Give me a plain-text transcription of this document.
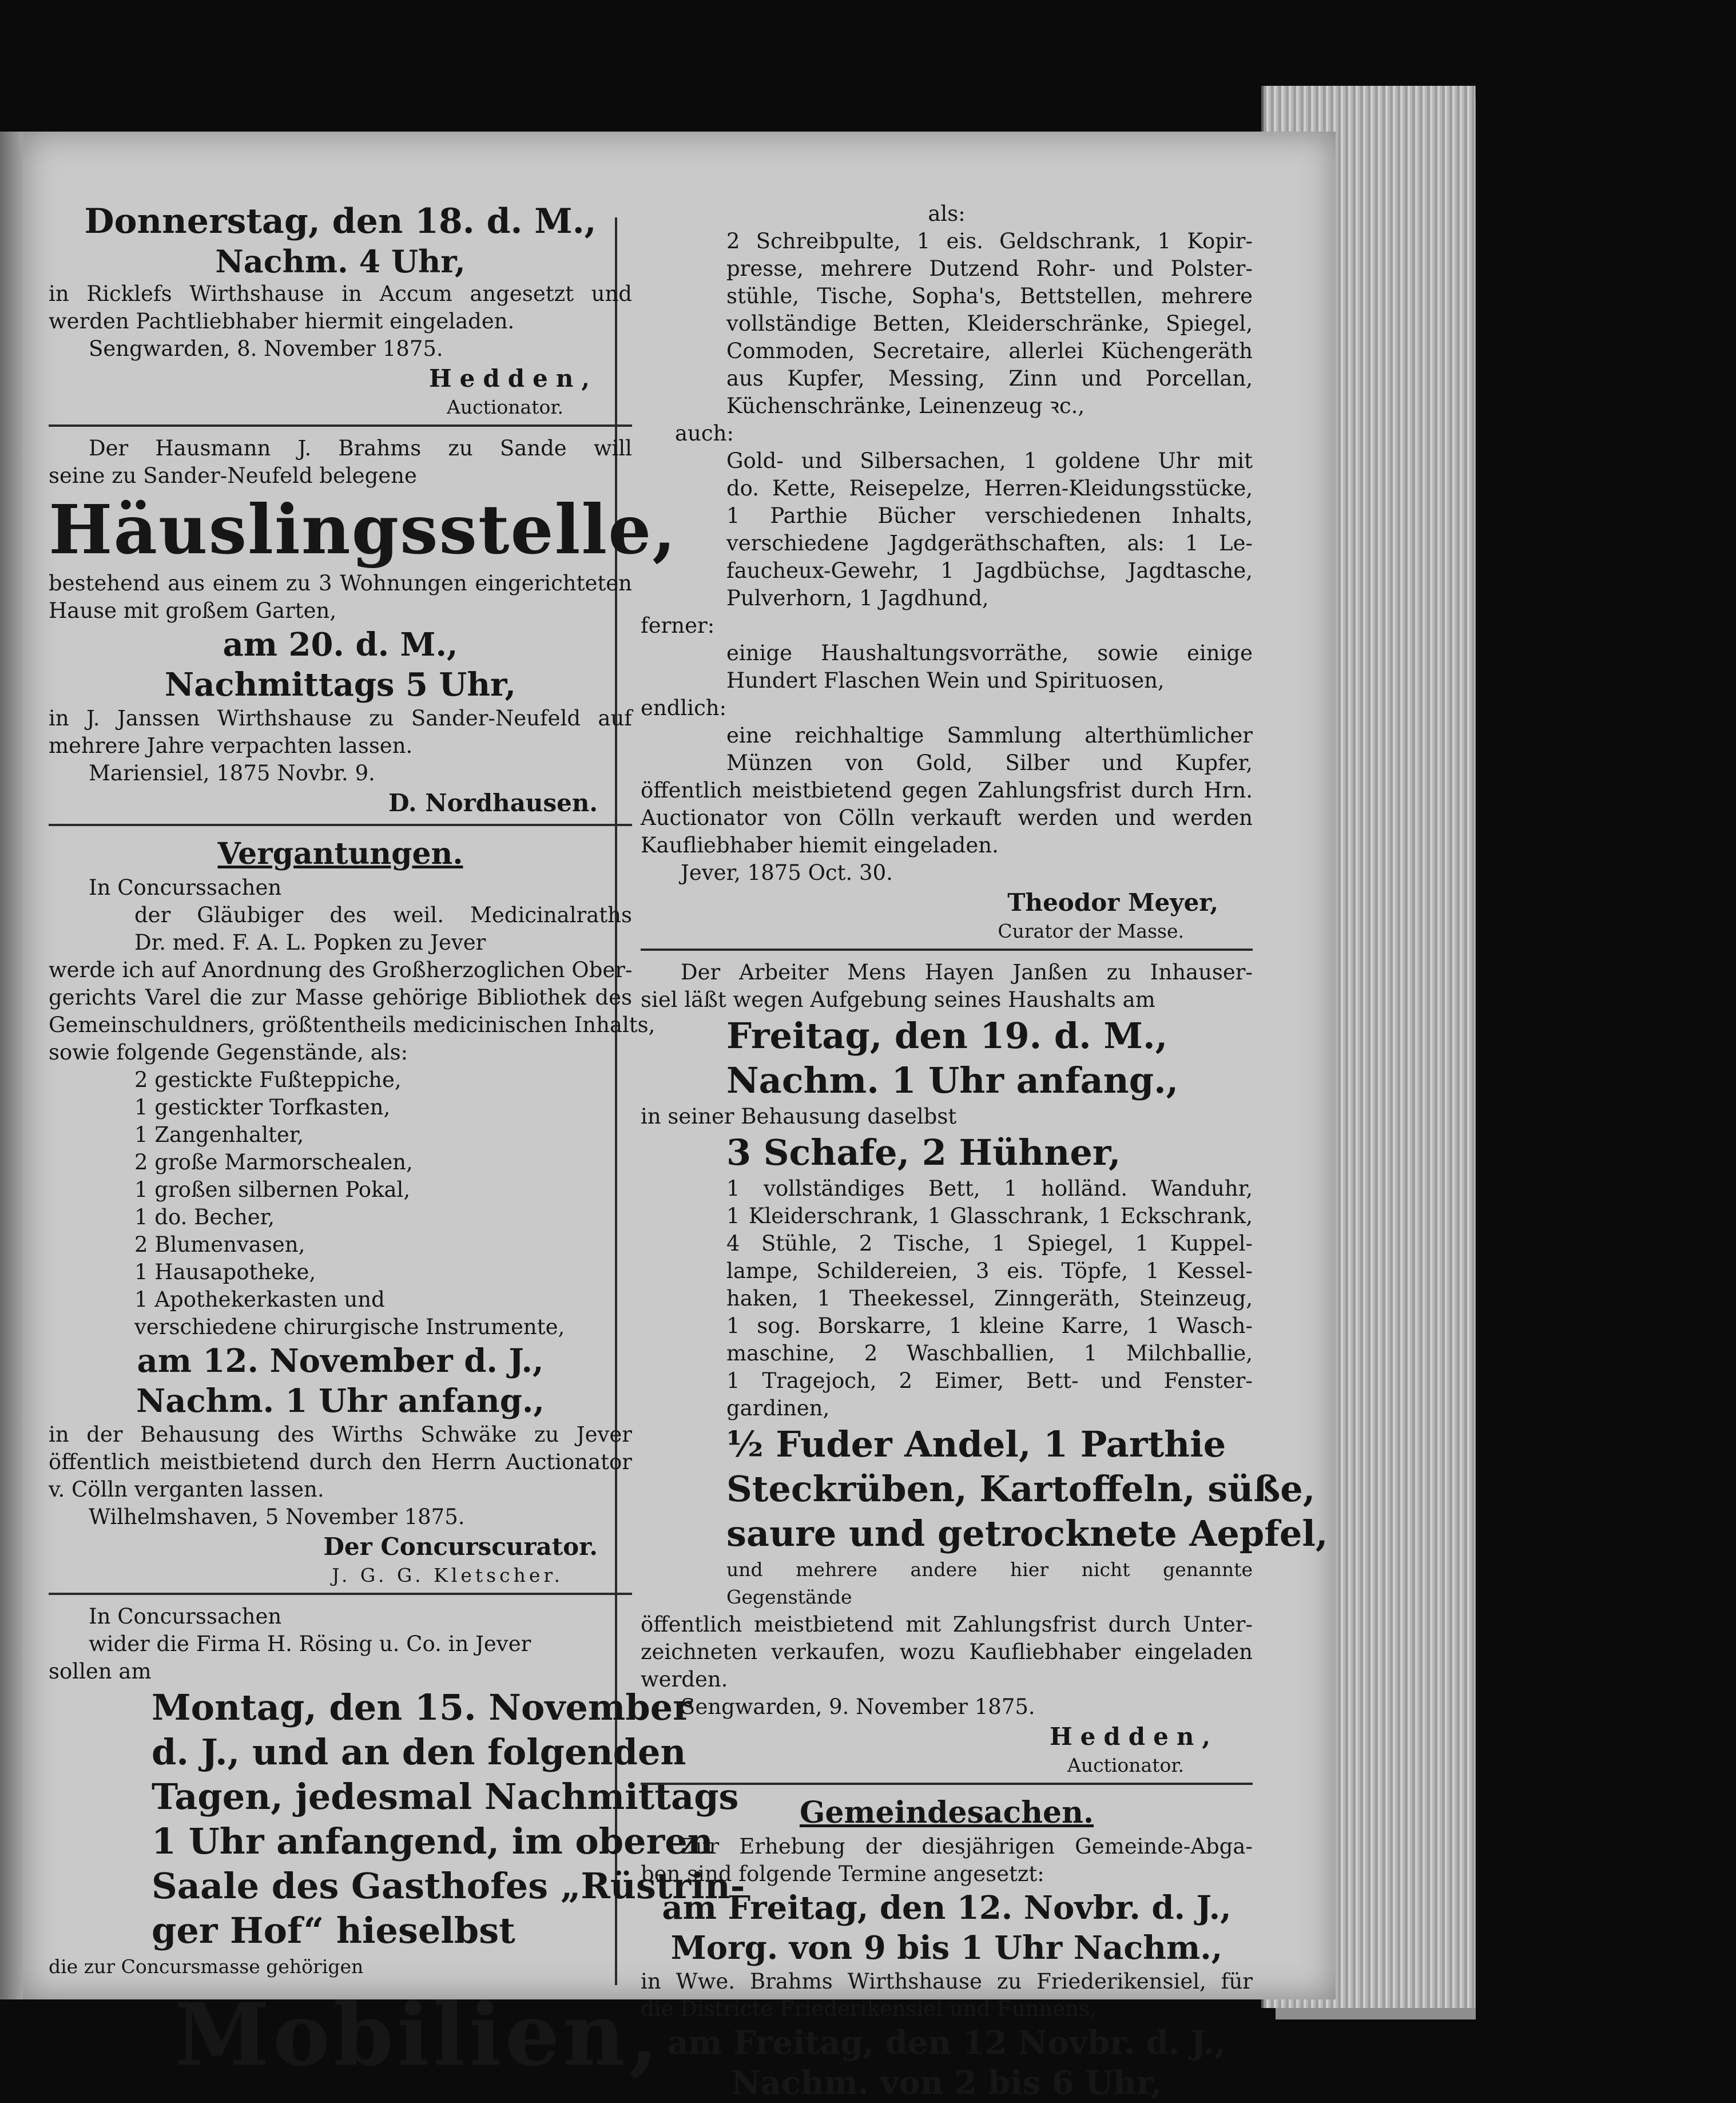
Donnerstag, den 18. d. M.,
Nachm. 4 Uhr,
in Ricklefs Wirthshause in Accum angesetzt und
werden Pachtliebhaber hiermit eingeladen.
Sengwarden, 8. November 1875.
Hedden,
Auctionator.
Der Hausmann J. Brahms zu Sande will
seine zu Sander-Neufeld belegene
Häuslingsstelle,
bestehend aus einem zu 3 Wohnungen eingerichteten
Hause mit großem Garten,
am 20. d. M.,
Nachmittags 5 Uhr,
in J. Janssen Wirthshause zu Sander-Neufeld auf
mehrere Jahre verpachten lassen.
Mariensiel, 1875 Novbr. 9.
D. Nordhausen.
Vergantungen.
In Concurssachen
der Gläubiger des weil. Medicinalraths
Dr. med. F. A. L. Popken zu Jever
werde ich auf Anordnung des Großherzoglichen Ober-
gerichts Varel die zur Masse gehörige Bibliothek des
Gemeinschuldners, größtentheils medicinischen Inhalts,
sowie folgende Gegenstände, als:
2 gestickte Fußteppiche,
1 gestickter Torfkasten,
1 Zangenhalter,
2 große Marmorschealen,
1 großen silbernen Pokal,
1 do. Becher,
2 Blumenvasen,
1 Hausapotheke,
1 Apothekerkasten und
verschiedene chirurgische Instrumente,
am 12. November d. J.,
Nachm. 1 Uhr anfang.,
in der Behausung des Wirths Schwäke zu Jever
öffentlich meistbietend durch den Herrn Auctionator
v. Cölln verganten lassen.
Wilhelmshaven, 5 November 1875.
Der Concurscurator.
J. G. G. Kletscher.
In Concurssachen
wider die Firma H. Rösing u. Co. in Jever
sollen am
Montag, den 15. November
d. J., und an den folgenden
Tagen, jedesmal Nachmittags
1 Uhr anfangend, im oberen
Saale des Gasthofes „Rüstrin-
ger Hof“ hieselbst
die zur Concursmasse gehörigen
Mobilien,
als:
2 Schreibpulte, 1 eis. Geldschrank, 1 Kopir-
presse, mehrere Dutzend Rohr- und Polster-
stühle, Tische, Sopha's, Bettstellen, mehrere
vollständige Betten, Kleiderschränke, Spiegel,
Commoden, Secretaire, allerlei Küchengeräth
aus Kupfer, Messing, Zinn und Porcellan,
Küchenschränke, Leinenzeug ꝛc.,
auch:
Gold- und Silbersachen, 1 goldene Uhr mit
do. Kette, Reisepelze, Herren-Kleidungsstücke,
1 Parthie Bücher verschiedenen Inhalts,
verschiedene Jagdgeräthschaften, als: 1 Le-
faucheux-Gewehr, 1 Jagdbüchse, Jagdtasche,
Pulverhorn, 1 Jagdhund,
ferner:
einige Haushaltungsvorräthe, sowie einige
Hundert Flaschen Wein und Spirituosen,
endlich:
eine reichhaltige Sammlung alterthümlicher
Münzen von Gold, Silber und Kupfer,
öffentlich meistbietend gegen Zahlungsfrist durch Hrn.
Auctionator von Cölln verkauft werden und werden
Kaufliebhaber hiemit eingeladen.
Jever, 1875 Oct. 30.
Theodor Meyer,
Curator der Masse.
Der Arbeiter Mens Hayen Janßen zu Inhauser-
siel läßt wegen Aufgebung seines Haushalts am
Freitag, den 19. d. M.,
Nachm. 1 Uhr anfang.,
in seiner Behausung daselbst
3 Schafe, 2 Hühner,
1 vollständiges Bett, 1 holländ. Wanduhr,
1 Kleiderschrank, 1 Glasschrank, 1 Eckschrank,
4 Stühle, 2 Tische, 1 Spiegel, 1 Kuppel-
lampe, Schildereien, 3 eis. Töpfe, 1 Kessel-
haken, 1 Theekessel, Zinngeräth, Steinzeug,
1 sog. Borskarre, 1 kleine Karre, 1 Wasch-
maschine, 2 Waschballien, 1 Milchballie,
1 Tragejoch, 2 Eimer, Bett- und Fenster-
gardinen,
½ Fuder Andel, 1 Parthie
Steckrüben, Kartoffeln, süße,
saure und getrocknete Aepfel,
und mehrere andere hier nicht genannte
Gegenstände
öffentlich meistbietend mit Zahlungsfrist durch Unter-
zeichneten verkaufen, wozu Kaufliebhaber eingeladen
werden.
Sengwarden, 9. November 1875.
Hedden,
Auctionator.
Gemeindesachen.
Zur Erhebung der diesjährigen Gemeinde-Abga-
ben sind folgende Termine angesetzt:
am Freitag, den 12. Novbr. d. J.,
Morg. von 9 bis 1 Uhr Nachm.,
in Wwe. Brahms Wirthshause zu Friederikensiel, für
die Districte Friederikensiel und Funnens,
am Freitag, den 12 Novbr. d. J.,
Nachm. von 2 bis 6 Uhr,
